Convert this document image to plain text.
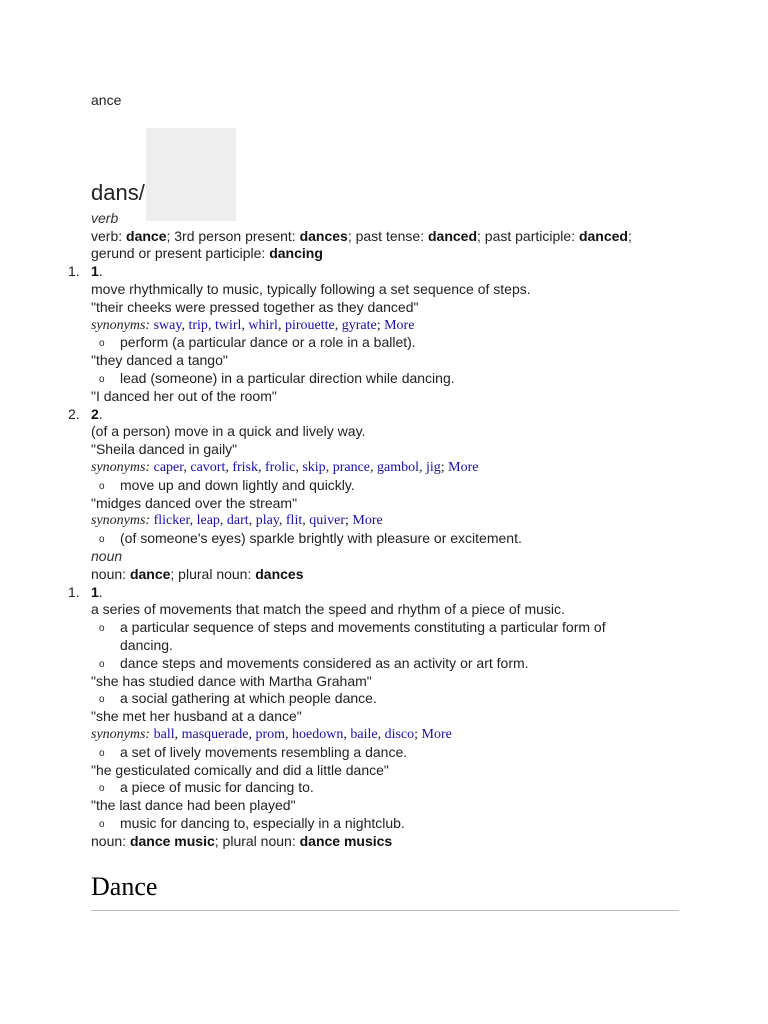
ance
dans/
verb
verb: dance; 3rd person present: dances; past tense: danced; past participle: danced;
gerund or present participle: dancing
1. 1.
move rhythmically to music, typically following a set sequence of steps.
"their cheeks were pressed together as they danced"
synonyms: sway, trip, twirl, whirl, pirouette, gyrate; More
o perform (a particular dance or a role in a ballet).
"they danced a tango"
o lead (someone) in a particular direction while dancing.
"I danced her out of the room"
2. 2.
(of a person) move in a quick and lively way.
"Sheila danced in gaily"
synonyms: caper, cavort, frisk, frolic, skip, prance, gambol, jig; More
o move up and down lightly and quickly.
"midges danced over the stream"
synonyms: flicker, leap, dart, play, flit, quiver; More
o (of someone's eyes) sparkle brightly with pleasure or excitement.
noun
noun: dance; plural noun: dances
1. 1.
a series of movements that match the speed and rhythm of a piece of music.
o a particular sequence of steps and movements constituting a particular form of
dancing.
o dance steps and movements considered as an activity or art form.
"she has studied dance with Martha Graham"
o a social gathering at which people dance.
"she met her husband at a dance"
synonyms: ball, masquerade, prom, hoedown, baile, disco; More
o a set of lively movements resembling a dance.
"he gesticulated comically and did a little dance"
o a piece of music for dancing to.
"the last dance had been played"
o music for dancing to, especially in a nightclub.
noun: dance music; plural noun: dance musics
Dance
